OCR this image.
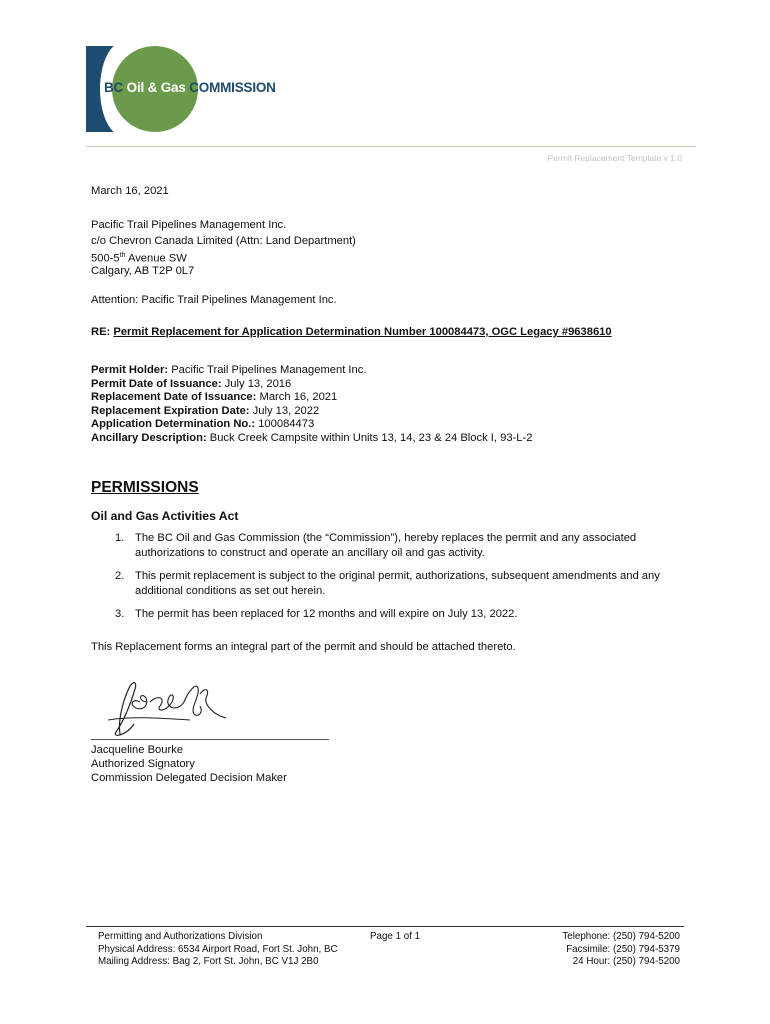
BC Oil & Gas COMMISSION
Permit Replacement Template v 1.0
March 16, 2021
Pacific Trail Pipelines Management Inc.
c/o Chevron Canada Limited (Attn: Land Department)
500-5th Avenue SW
Calgary, AB T2P 0L7
Attention: Pacific Trail Pipelines Management Inc.
RE: Permit Replacement for Application Determination Number 100084473, OGC Legacy #9638610
Permit Holder: Pacific Trail Pipelines Management Inc.
Permit Date of Issuance: July 13, 2016
Replacement Date of Issuance: March 16, 2021
Replacement Expiration Date: July 13, 2022
Application Determination No.: 100084473
Ancillary Description: Buck Creek Campsite within Units 13, 14, 23 & 24 Block I, 93-L-2
PERMISSIONS
Oil and Gas Activities Act
1. The BC Oil and Gas Commission (the “Commission”), hereby replaces the permit and any associated authorizations to construct and operate an ancillary oil and gas activity.
2. This permit replacement is subject to the original permit, authorizations, subsequent amendments and any additional conditions as set out herein.
3. The permit has been replaced for 12 months and will expire on July 13, 2022.
This Replacement forms an integral part of the permit and should be attached thereto.
Jacqueline Bourke
Authorized Signatory
Commission Delegated Decision Maker
Permitting and Authorizations Division
Physical Address: 6534 Airport Road, Fort St. John, BC
Mailing Address: Bag 2, Fort St. John, BC V1J 2B0
Page 1 of 1	Telephone: (250) 794-5200
Facsimile: (250) 794-5379
24 Hour: (250) 794-5200
